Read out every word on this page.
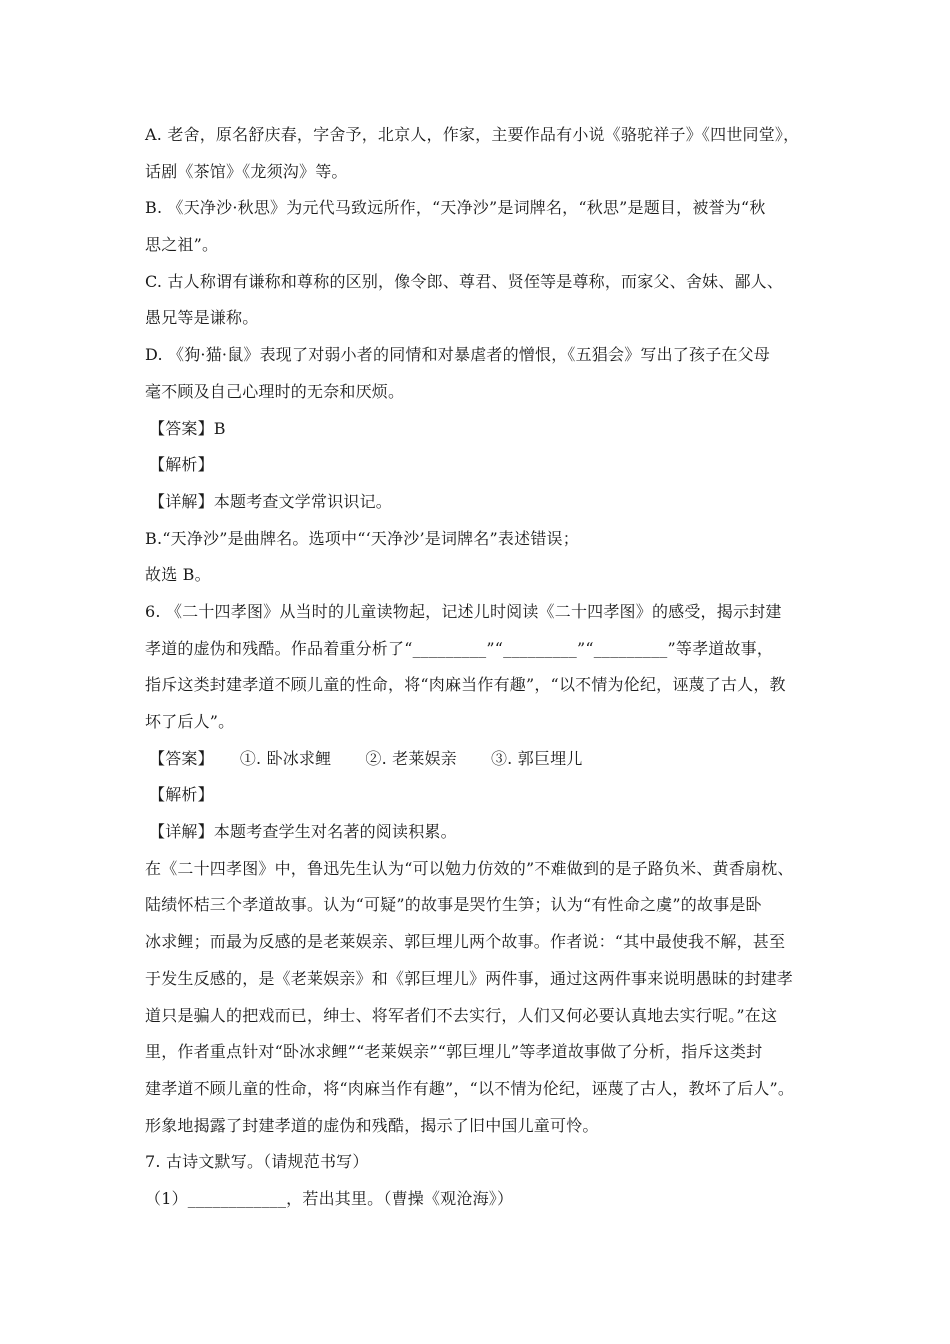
A. 老舍，原名舒庆春，字舍予，北京人，作家，主要作品有小说《骆驼祥子》《四世同堂》，
话剧《茶馆》《龙须沟》等。
B. 《天净沙·秋思》为元代马致远所作，“天净沙”是词牌名，“秋思”是题目，被誉为“秋
思之祖”。
C. 古人称谓有谦称和尊称的区别，像令郎、尊君、贤侄等是尊称，而家父、舍妹、鄙人、
愚兄等是谦称。
D. 《狗·猫·鼠》表现了对弱小者的同情和对暴虐者的憎恨，《五猖会》写出了孩子在父母
毫不顾及自己心理时的无奈和厌烦。
【答案】B
【解析】
【详解】本题考查文学常识识记。
B.“天净沙”是曲牌名。选项中“‘天净沙’是词牌名”表述错误；
故选 B。
6. 《二十四孝图》从当时的儿童读物起，记述儿时阅读《二十四孝图》的感受，揭示封建
孝道的虚伪和残酷。作品着重分析了“_________”“_________”“_________”等孝道故事，
指斥这类封建孝道不顾儿童的性命，将“肉麻当作有趣”，“以不情为伦纪，诬蔑了古人，教
坏了后人”。
【答案】 ①. 卧冰求鲤 ②. 老莱娱亲 ③. 郭巨埋儿
【解析】
【详解】本题考查学生对名著的阅读积累。
在《二十四孝图》中，鲁迅先生认为“可以勉力仿效的”不难做到的是子路负米、黄香扇枕、
陆绩怀桔三个孝道故事。认为“可疑”的故事是哭竹生笋；认为“有性命之虞”的故事是卧
冰求鲤；而最为反感的是老莱娱亲、郭巨埋儿两个故事。作者说：“其中最使我不解，甚至
于发生反感的，是《老莱娱亲》和《郭巨埋儿》两件事，通过这两件事来说明愚昧的封建孝
道只是骗人的把戏而已，绅士、将军者们不去实行，人们又何必要认真地去实行呢。”在这
里，作者重点针对“卧冰求鲤”“老莱娱亲”“郭巨埋儿”等孝道故事做了分析，指斥这类封
建孝道不顾儿童的性命，将“肉麻当作有趣”，“以不情为伦纪，诬蔑了古人，教坏了后人”。
形象地揭露了封建孝道的虚伪和残酷，揭示了旧中国儿童可怜。
7. 古诗文默写。（请规范书写）
（1）____________，若出其里。（曹操《观沧海》）
